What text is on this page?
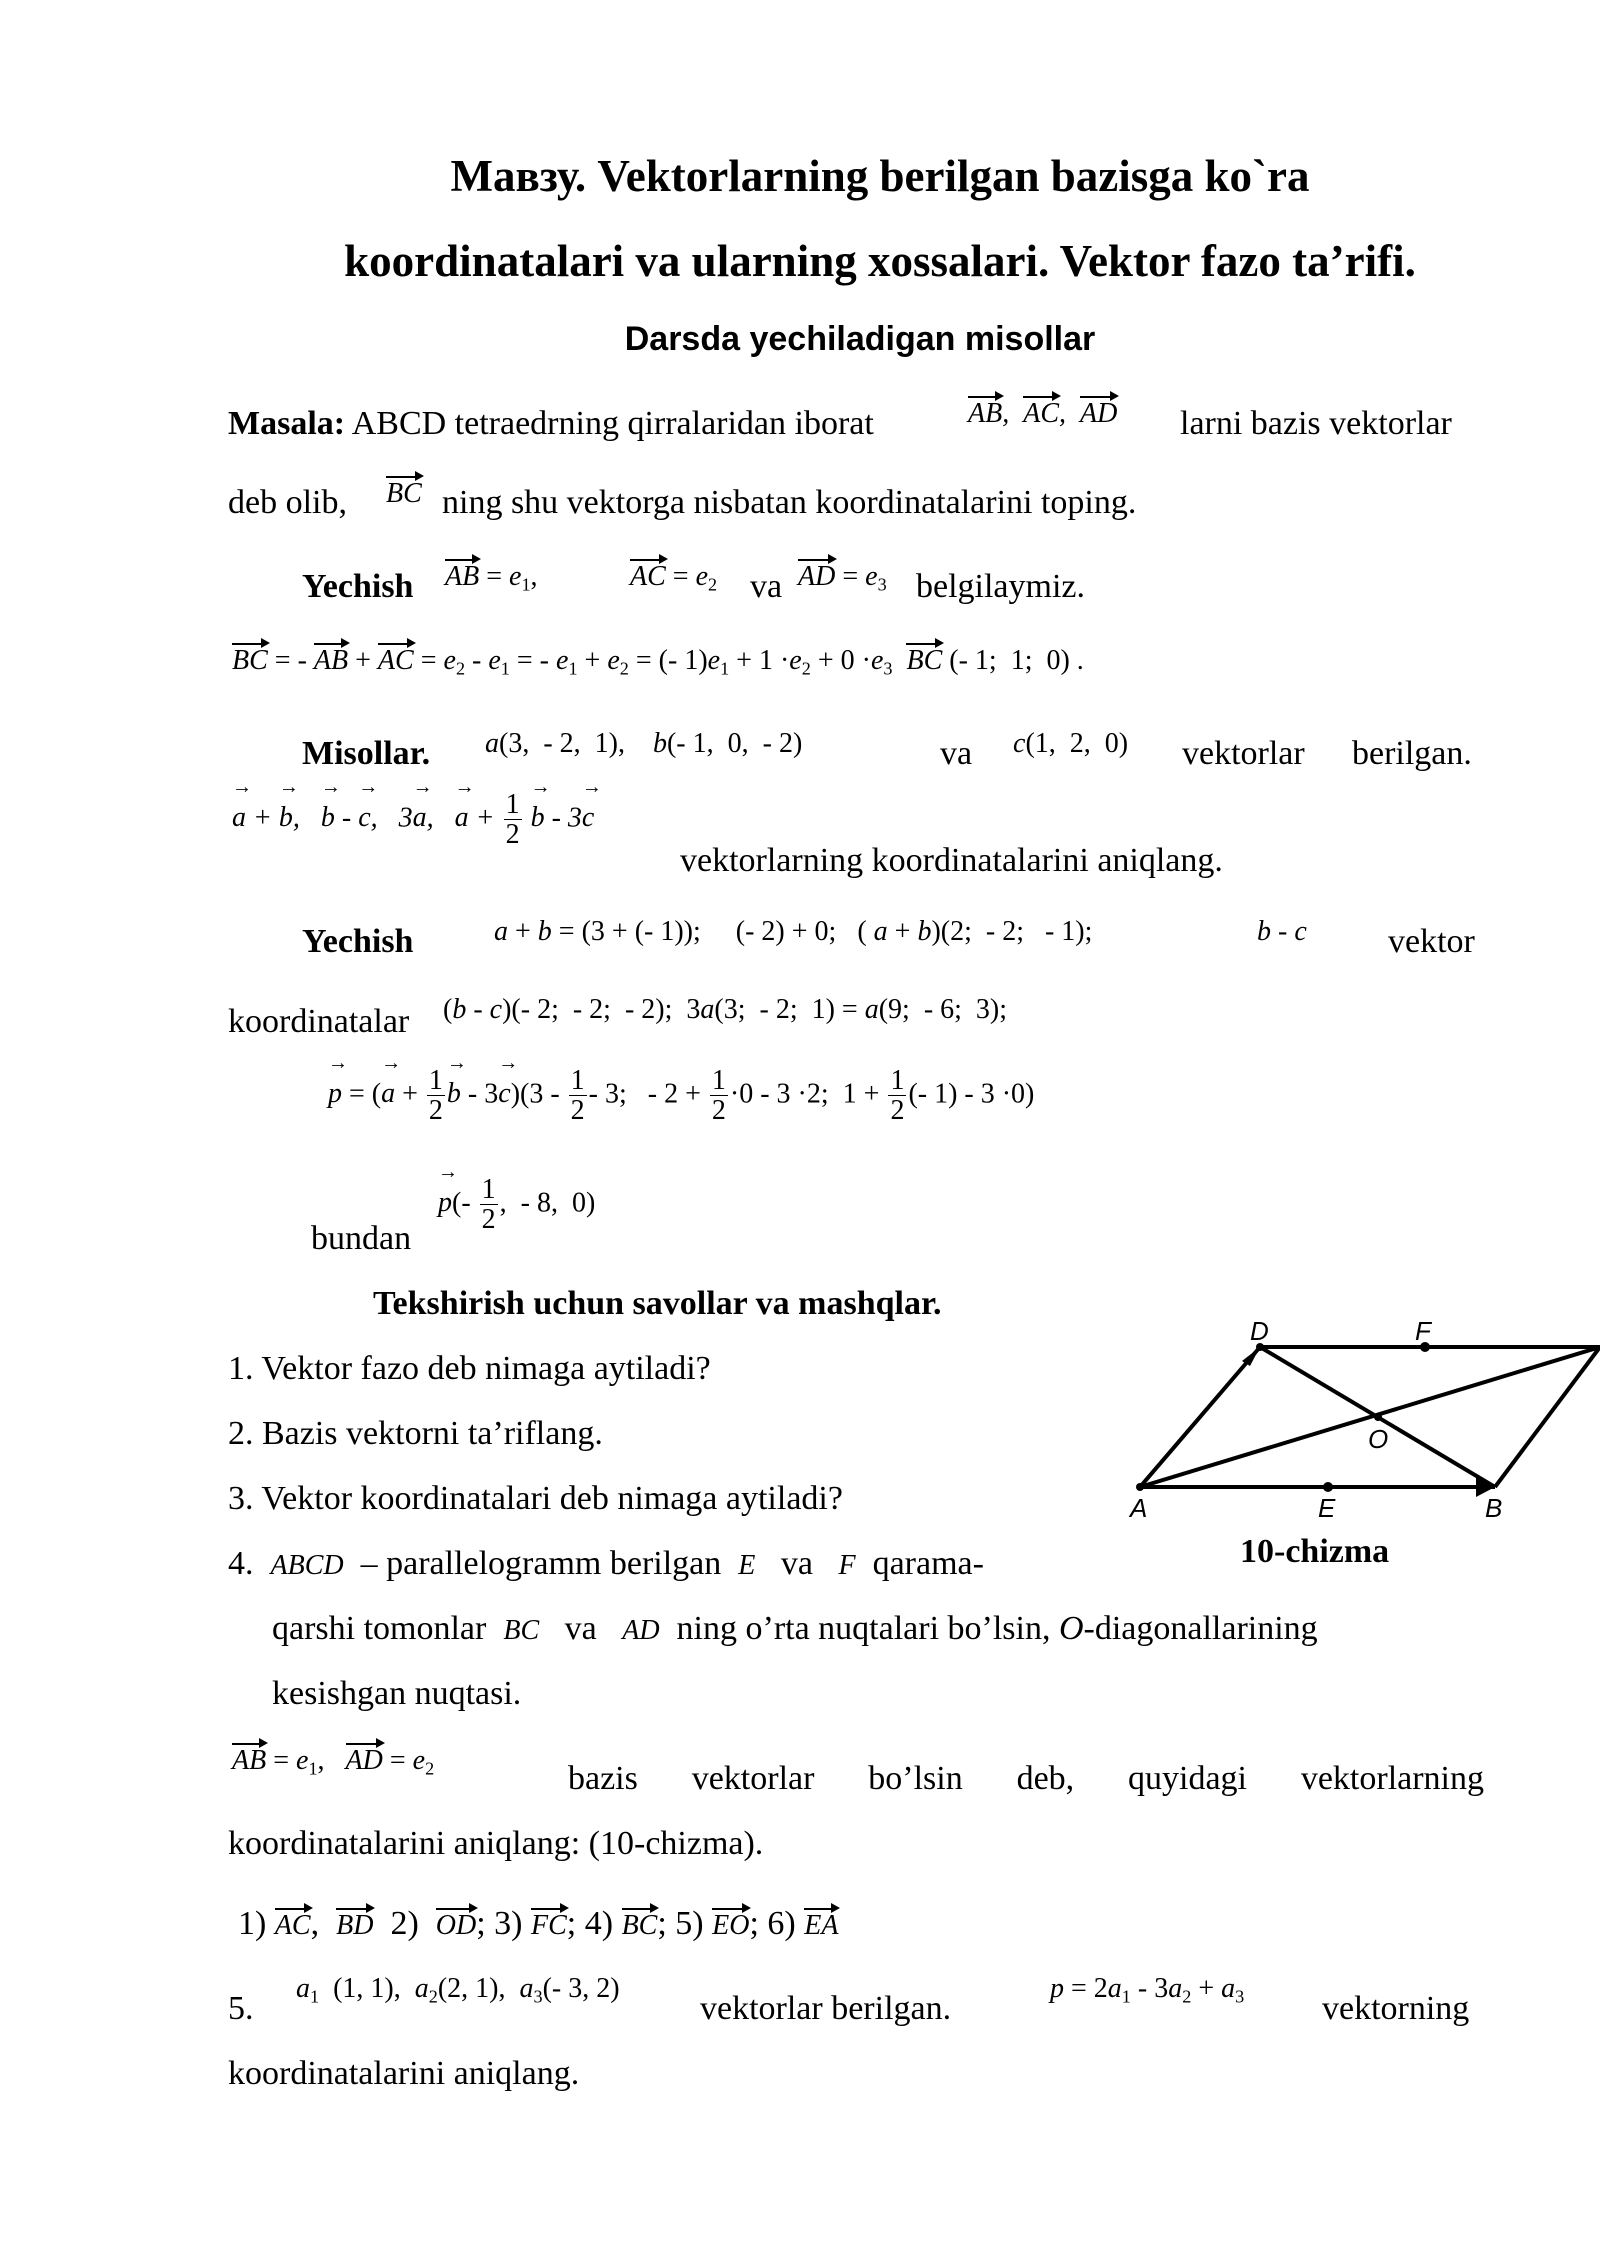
Мавзу. Vektorlarning berilgan bazisga ko`ra
koordinatalari va ularning xossalari. Vektor fazo ta’rifi.
Darsda yechiladigan misollar
Masala: ABCD tetraedrning qirralaridan iborat	AB,  AC,  AD larni bazis vektorlar
deb olib, BC ning shu vektorga nisbatan koordinatalarini toping.
Yechish AB = $e_1$,	AC = $e_2$ va AD = $e_3$ belgilaymiz.
BC = - AB + AC = $e_2 - e_1$ = - $e_1 + e_2$ = (- $1)e_1 + 1 \cdot e_2 + 0 \cdot e_3$ BC (- 1;  1;  0) .
Misollar. a(3,  - 2,  1),    b(- 1,  0,  - 2)	va c(1,  2,  0) vektorlar berilgan.
→ a + → b,   → b - → c,   3→ a,   → $a + \frac{1}{2}$
→ b - 3→ c
vektorlarning koordinatalarini aniqlang.
Yechish	a + b = (3 + (- 1));     (- 2) + 0;   ( a + b)(2;  - 2;   - 1);	b - c vektor
koordinatalar (b - c)(- 2;  - 2;  - 2);  3a(3;  - 2;  1) = a(9;  - 6;  3);
→ p = (→ $a + \frac{1}{2}$
→ $b - 3\to c)(3 - \frac{1}{2} - 3$;   - $2 + \frac{1}{2} \cdot 0 - 3 \cdot 2$;  $1 + \frac{1}{2}$ (- 1) - 3 ·0)
bundan
→ $p(- \frac{1}{2}$ ,  - 8,  0)
Tekshirish uchun savollar va mashqlar.
1. Vektor fazo deb nimaga aytiladi?
2. Bazis vektorni ta’riflang.
3. Vektor koordinatalari deb nimaga aytiladi?
4. ABCD – parallelogramm berilgan E va F qarama-
qarshi tomonlar BC va AD ning o’rta nuqtalari bo’lsin, O-diagonallarining
kesishgan nuqtasi.
AB = $e_1$,   AD = $e_2$	bazis vektorlar bo’lsin deb, quyidagi vektorlarning
koordinatalarini aniqlang: (10-chizma).
1) AC,  BD  2)  OD; 3) FC; 4) BC; 5) EO; 6) EA
5.
$a_1$  (1, 1),  $a_2(2$, 1),  $a_3(-$ 3, 2)
vektorlar berilgan.
$p = 2a_1 - 3a_2 + a_3$ vektorning
koordinatalarini aniqlang.
A	B
D
E
F
O
10-chizma
